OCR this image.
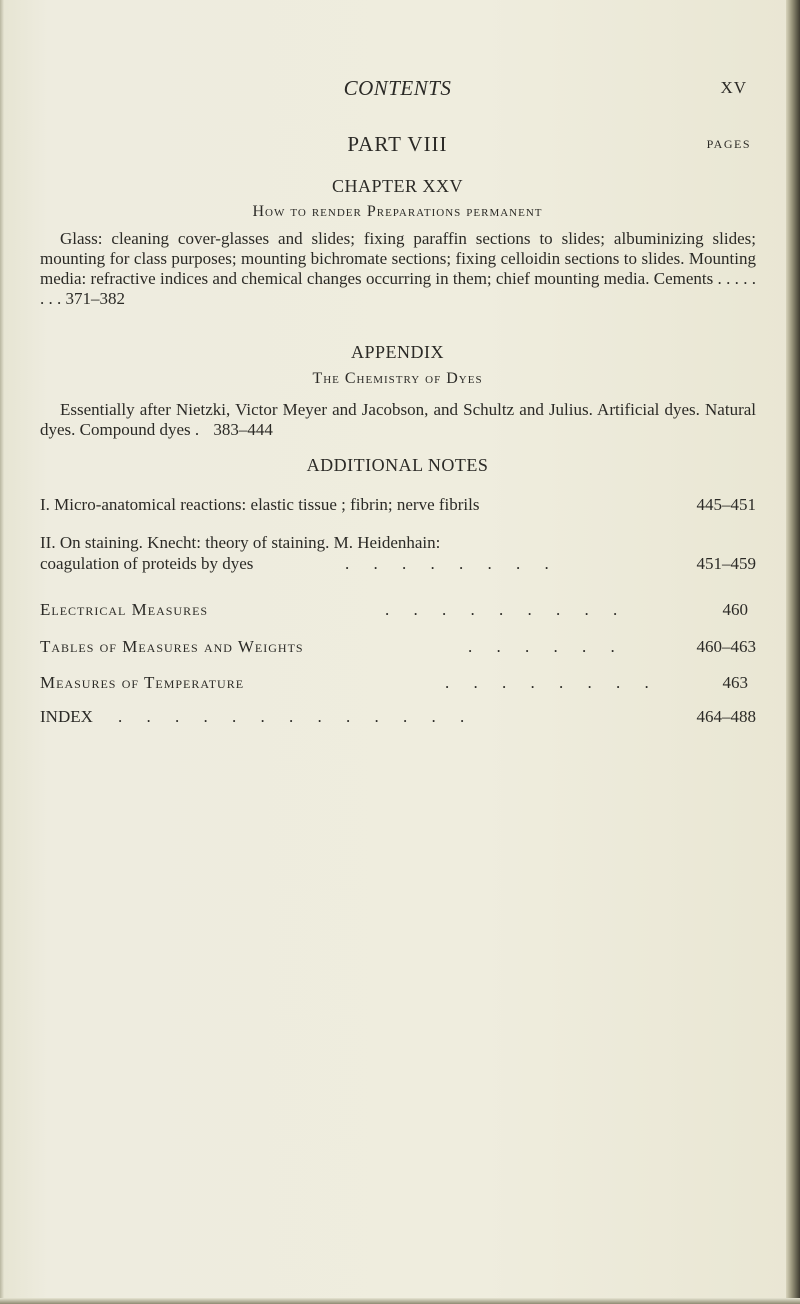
CONTENTS	XV
PART VIII	PAGES
CHAPTER XXV
How to render Preparations permanent
Glass: cleaning cover-glasses and slides; fixing paraffin sections to slides; albuminizing slides; mounting for class purposes; mounting bichromate sections; fixing celloidin sections to slides. Mounting media: refractive indices and chemical changes occurring in them; chief mounting media. Cements . . . . . . . . 371–382
APPENDIX
The Chemistry of Dyes
Essentially after Nietzki, Victor Meyer and Jacobson, and Schultz and Julius. Artificial dyes. Natural dyes. Compound dyes . 383–444
ADDITIONAL NOTES
I. Micro-anatomical reactions: elastic tissue ; fibrin; nerve fibrils	445–451
II. On staining. Knecht: theory of staining. M. Heidenhain:
coagulation of proteids by dyes	. . . . . . . .	451–459
Electrical Measures	. . . . . . . . .	460
Tables of Measures and Weights	. . . . . .	460–463
Measures of Temperature	. . . . . . . .	463
INDEX . . . . . . . . . . . . .	464–488
